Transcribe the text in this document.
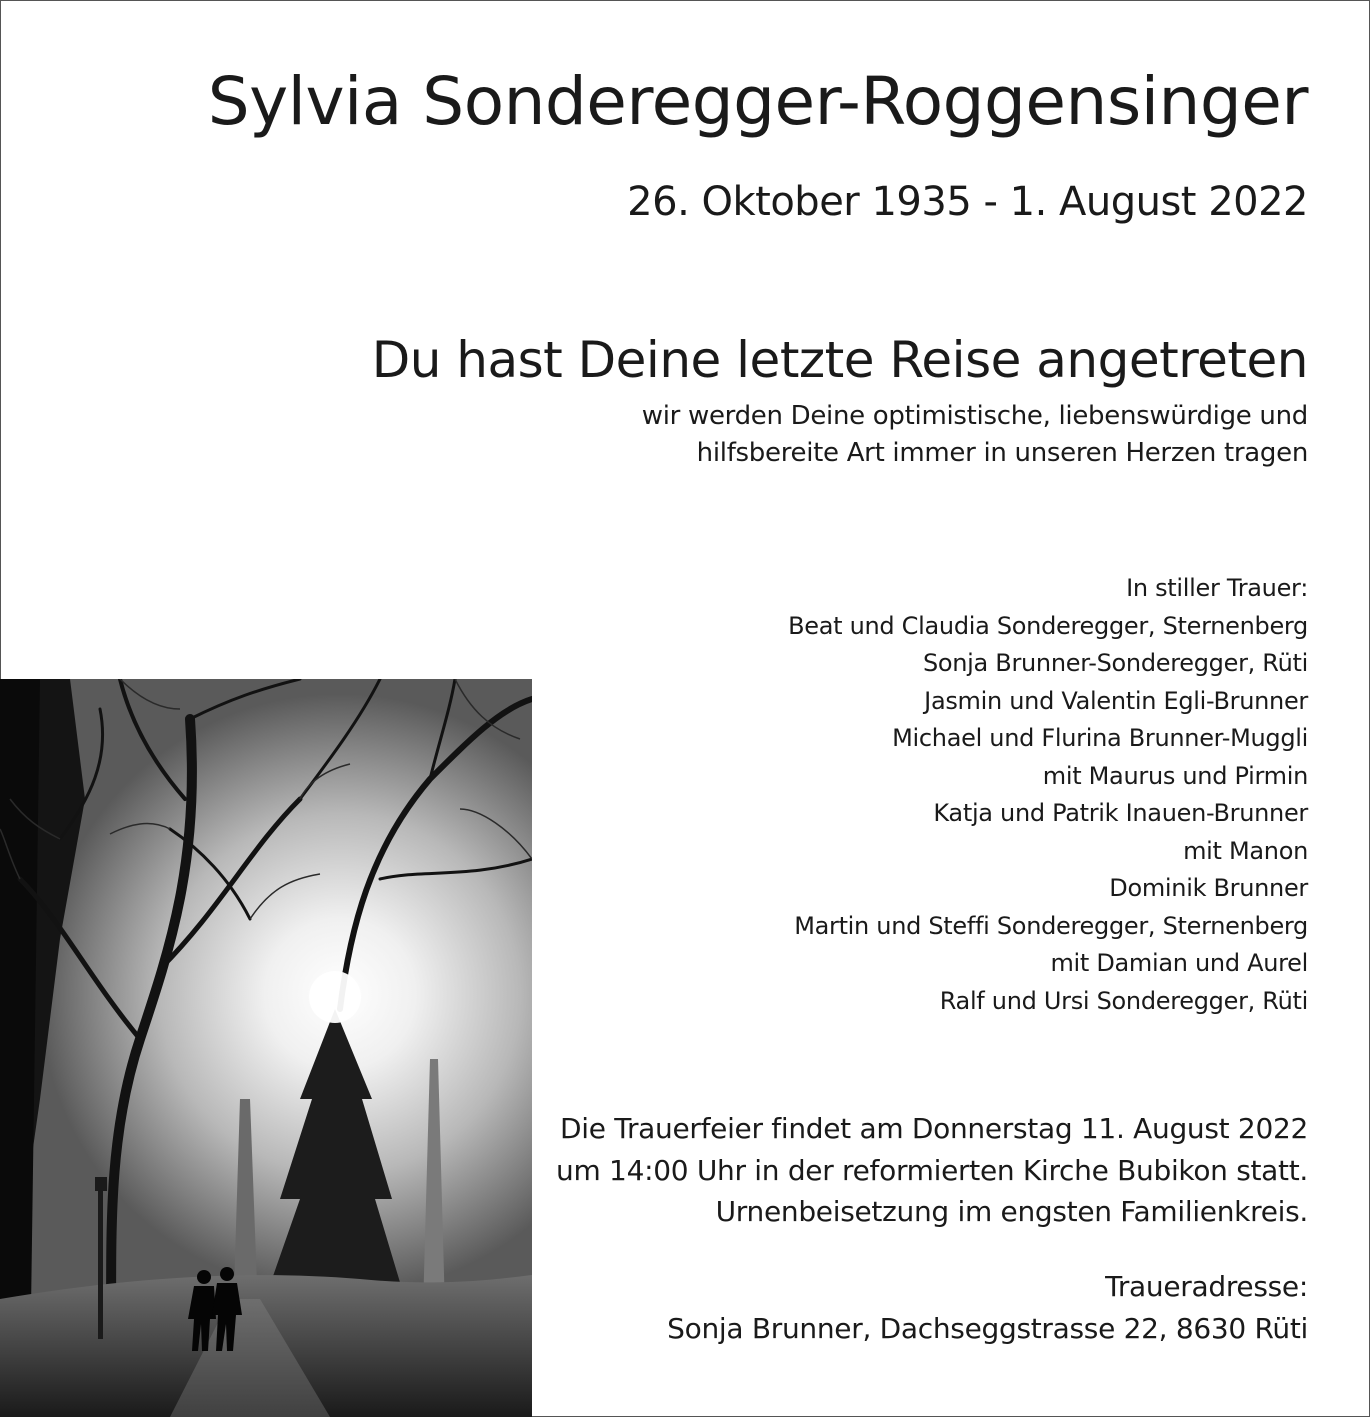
Sylvia Sonderegger-Roggensinger
26. Oktober 1935 - 1. August 2022
Du hast Deine letzte Reise angetreten
wir werden Deine optimistische, liebenswürdige und
hilfsbereite Art immer in unseren Herzen tragen
In stiller Trauer:
Beat und Claudia Sonderegger, Sternenberg
Sonja Brunner-Sonderegger, Rüti
Jasmin und Valentin Egli-Brunner
Michael und Flurina Brunner-Muggli
mit Maurus und Pirmin
Katja und Patrik Inauen-Brunner
mit Manon
Dominik Brunner
Martin und Steffi Sonderegger, Sternenberg
mit Damian und Aurel
Ralf und Ursi Sonderegger, Rüti
Die Trauerfeier findet am Donnerstag 11. August 2022
um 14:00 Uhr in der reformierten Kirche Bubikon statt.
Urnenbeisetzung im engsten Familienkreis.
Traueradresse:
Sonja Brunner, Dachseggstrasse 22, 8630 Rüti
